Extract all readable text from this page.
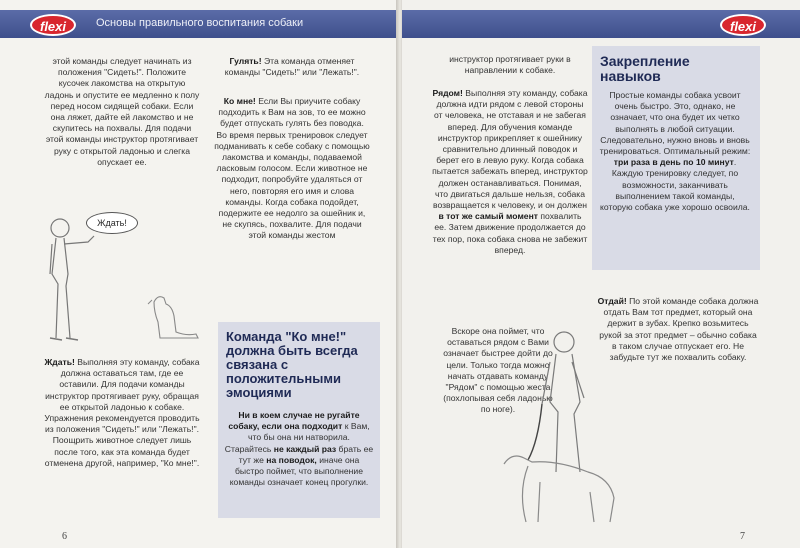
flexi	Основы правильного воспитания собаки
этой команды следует начинать из положения "Сидеть!". Положите кусочек лакомства на открытую ладонь и опустите ее медленно к полу перед носом сидящей собаки. Если она ляжет, дайте ей лакомство и не скупитесь на похвалы. Для подачи этой команды инструктор протягивает руку с открытой ладонью и слегка опускает ее.
Ждать!
Ждать! Выполняя эту команду, собака должна оставаться там, где ее оставили. Для подачи команды инструктор протягивает руку, обращая ее открытой ладонью к собаке. Упражнения рекомендуется проводить из положения "Сидеть!" или "Лежать!". Поощрить животное следует лишь после того, как эта команда будет отменена другой, например, "Ко мне!".
Гулять! Эта команда отменяет команды "Сидеть!" или "Лежать!".
Ко мне! Если Вы приучите собаку подходить к Вам на зов, то ее можно будет отпускать гулять без поводка. Во время первых тренировок следует подманивать к себе собаку с помощью лакомства и команды, подаваемой ласковым голосом. Если животное не подходит, попробуйте удаляться от него, повторяя его имя и слова команды. Когда собака подойдет, подержите ее недолго за ошейник и, не скупясь, похвалите. Для подачи этой команды жестом
Команда "Ко мне!" должна быть всегда связана с положительными эмоциями
Ни в коем случае не ругайте собаку, если она подходит к Вам, что бы она ни натворила. Старайтесь не каждый раз брать ее тут же на поводок, иначе она быстро поймет, что выполнение команды означает конец прогулки.
6
flexi
инструктор протягивает руки в направлении к собаке.
Рядом! Выполняя эту команду, собака должна идти рядом с левой стороны от человека, не отставая и не забегая вперед. Для обучения команде инструктор прикрепляет к ошейнику сравнительно длинный поводок и берет его в левую руку. Когда собака пытается забежать вперед, инструктор должен останавливаться. Понимая, что двигаться дальше нельзя, собака возвращается к человеку, и он должен в тот же самый момент похвалить ее. Затем движение продолжается до тех пор, пока собака снова не забежит вперед.
Вскоре она поймет, что оставаться рядом с Вами означает быстрее дойти до цели. Только тогда можно начать отдавать команду "Рядом" с помощью жеста (похлопывая себя ладонью по ноге).
Закрепление навыков
Простые команды собака усвоит очень быстро. Это, однако, не означает, что она будет их четко выполнять в любой ситуации. Следовательно, нужно вновь и вновь тренироваться. Оптимальный режим: три раза в день по 10 минут. Каждую тренировку следует, по возможности, заканчивать выполнением такой команды, которую собака уже хорошо освоила.
Отдай! По этой команде собака должна отдать Вам тот предмет, который она держит в зубах. Крепко возьмитесь рукой за этот предмет – обычно собака в таком случае отпускает его. Не забудьте тут же похвалить собаку.
7
